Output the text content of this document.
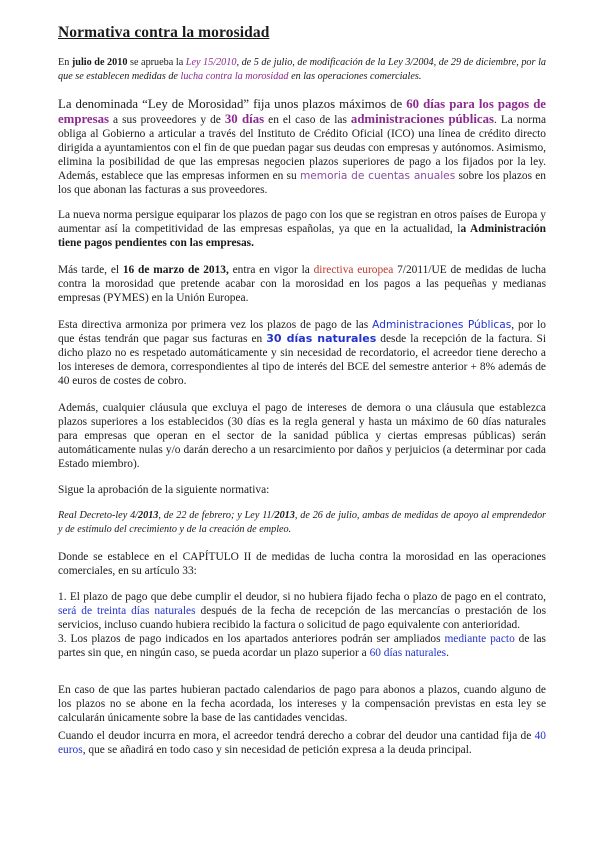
Normativa contra la morosidad

En julio de 2010 se aprueba la Ley 15/2010, de 5 de julio, de modificación de la Ley 3/2004, de 29 de diciembre, por la que se establecen medidas de lucha contra la morosidad en las operaciones comerciales.

La denominada “Ley de Morosidad” fija unos plazos máximos de 60 días para los pagos de empresas a sus proveedores y de 30 días en el caso de las administraciones públicas. La norma obliga al Gobierno a articular a través del Instituto de Crédito Oficial (ICO) una línea de crédito directo dirigida a ayuntamientos con el fin de que puedan pagar sus deudas con empresas y autónomos. Asimismo, elimina la posibilidad de que las empresas negocien plazos superiores de pago a los fijados por la ley. Además, establece que las empresas informen en su memoria de cuentas anuales sobre los plazos en los que abonan las facturas a sus proveedores.

La nueva norma persigue equiparar los plazos de pago con los que se registran en otros países de Europa y aumentar así la competitividad de las empresas españolas, ya que en la actualidad, la Administración tiene pagos pendientes con las empresas.

Más tarde, el 16 de marzo de 2013, entra en vigor la directiva europea 7/2011/UE de medidas de lucha contra la morosidad que pretende acabar con la morosidad en los pagos a las pequeñas y medianas empresas (PYMES) en la Unión Europea.

Esta directiva armoniza por primera vez los plazos de pago de las Administraciones Públicas, por lo que éstas tendrán que pagar sus facturas en 30 días naturales desde la recepción de la factura. Si dicho plazo no es respetado automáticamente y sin necesidad de recordatorio, el acreedor tiene derecho a los intereses de demora, correspondientes al tipo de interés del BCE del semestre anterior + 8% además de 40 euros de costes de cobro.

Además, cualquier cláusula que excluya el pago de intereses de demora o una cláusula que establezca plazos superiores a los establecidos (30 días es la regla general y hasta un máximo de 60 días naturales para empresas que operan en el sector de la sanidad pública y ciertas empresas públicas) serán automáticamente nulas y/o darán derecho a un resarcimiento por daños y perjuicios (a determinar por cada Estado miembro).

Sigue la aprobación de la siguiente normativa:

Real Decreto-ley 4/2013, de 22 de febrero; y Ley 11/2013, de 26 de julio, ambas de medidas de apoyo al emprendedor y de estímulo del crecimiento y de la creación de empleo.

Donde se establece en el CAPÍTULO II de medidas de lucha contra la morosidad en las operaciones comerciales, en su artículo 33:

1. El plazo de pago que debe cumplir el deudor, si no hubiera fijado fecha o plazo de pago en el contrato, será de treinta días naturales después de la fecha de recepción de las mercancías o prestación de los servicios, incluso cuando hubiera recibido la factura o solicitud de pago equivalente con anterioridad.
3. Los plazos de pago indicados en los apartados anteriores podrán ser ampliados mediante pacto de las partes sin que, en ningún caso, se pueda acordar un plazo superior a 60 días naturales.

En caso de que las partes hubieran pactado calendarios de pago para abonos a plazos, cuando alguno de los plazos no se abone en la fecha acordada, los intereses y la compensación previstas en esta ley se calcularán únicamente sobre la base de las cantidades vencidas.

Cuando el deudor incurra en mora, el acreedor tendrá derecho a cobrar del deudor una cantidad fija de 40 euros, que se añadirá en todo caso y sin necesidad de petición expresa a la deuda principal.
